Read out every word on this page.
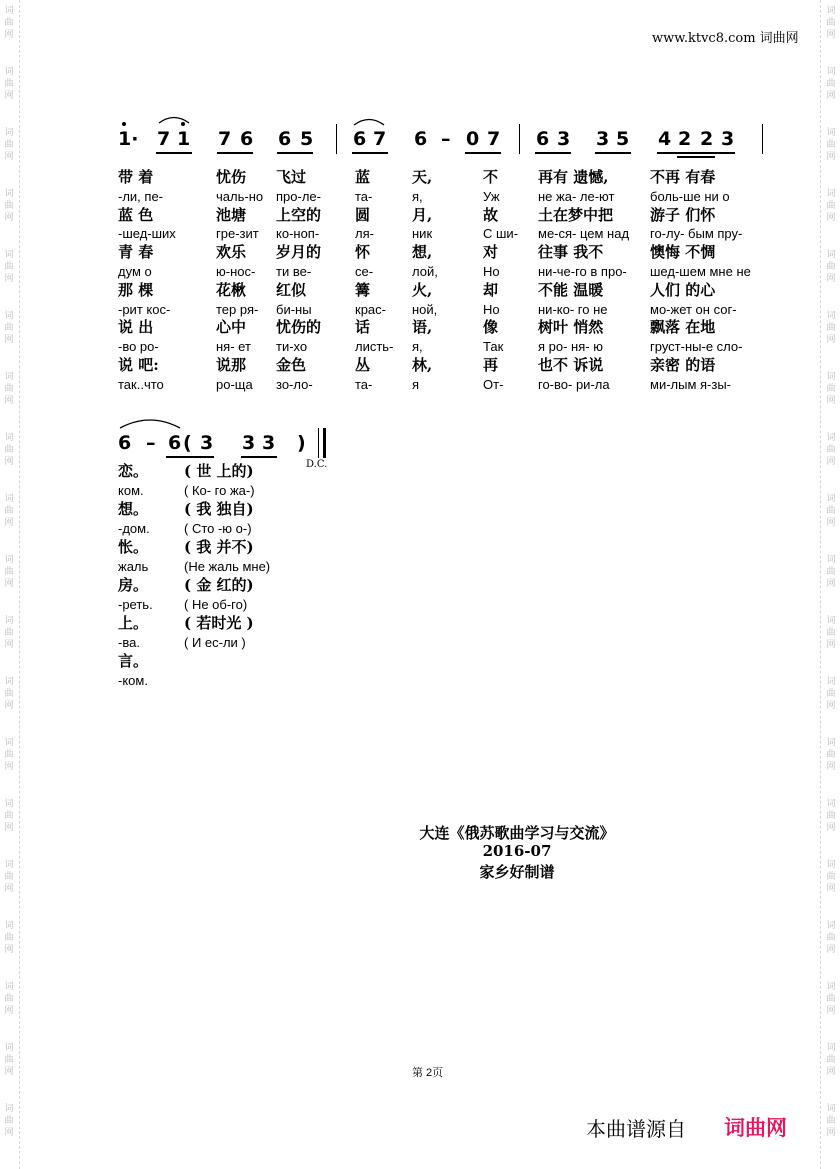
词
曲
网
词
曲
网
词
曲
网
词
曲
网
词
曲
网
词
曲
网
词
曲
网
词
曲
网
词
曲
网
词
曲
网
词
曲
网
词
曲
网
词
曲
网
词
曲
网
词
曲
网
词
曲
网
词
曲
网
词
曲
网
词
曲
网
词
曲
网
词
曲
网
词
曲
网
词
曲
网
词
曲
网
词
曲
网
词
曲
网
词
曲
网
词
曲
网
词
曲
网
词
曲
网
词
曲
网
词
曲
网
词
曲
网
词
曲
网
词
曲
网
词
曲
网
词
曲
网
词
曲
网
www.ktvc8.com 词曲网
1· 7 1 7 6 6 5 6 7 6 – 0 7 6 3 3 5 4 2 2 3
带 着	忧伤 飞过	蓝	天,	不	再有 遗憾,	不再 有春
-ли, пе-	чаль-но про-ле-	та-	я,	Уж	не жа- ле-ют	боль-ше ни о
蓝 色	池塘 上空的 圆	月,	故	土在梦中把 游子 们怀
-шед-ших	гре-зит ко-ноп-	ля-	ник	С ши- ме-ся- цем над го-лу- бым пру-
青 春	欢乐 岁月的 怀	想,	对	往事 我不	懊悔 不惆
дум о	ю-нос- ти ве-	се-	лой,	Но	ни-че-го в про- шед-шем мне не
那 棵	花楸 红似	篝	火,	却	不能 温暖	人们 的心
-рит кос-	тер ря- би-ны	крас- ной,	Но	ни-ко- го не	мо-жет он сог-
说 出	心中 忧伤的 话	语,	像	树叶 悄然	飘落 在地
-во ро-	ня- ет ти-хо	листь- я,	Так	я ро- ня- ю	груст-ны-е сло-
说 吧:	说那 金色	丛	林,	再	也不 诉说	亲密 的语
так..что	ро-ща зо-ло-	та-	я	От-	го-во- ри-ла	ми-лым я-зы-
6 – 6 ( 3 3 3 )
D.C.
恋。 ( 世 上的)
ком.	( Ко- го жа-)
想。 ( 我 独自)
-дом.	( Сто -ю о-)
怅。 ( 我 并不)
жаль	(Не жаль мне)
房。 ( 金 红的)
-реть. ( Не об-го)
上。 ( 若时光 )
-ва.	( И ес-ли )
言。
-ком.
大连《俄苏歌曲学习与交流》
2016-07
家乡好制谱
第 2页
本曲谱源自 词曲网
